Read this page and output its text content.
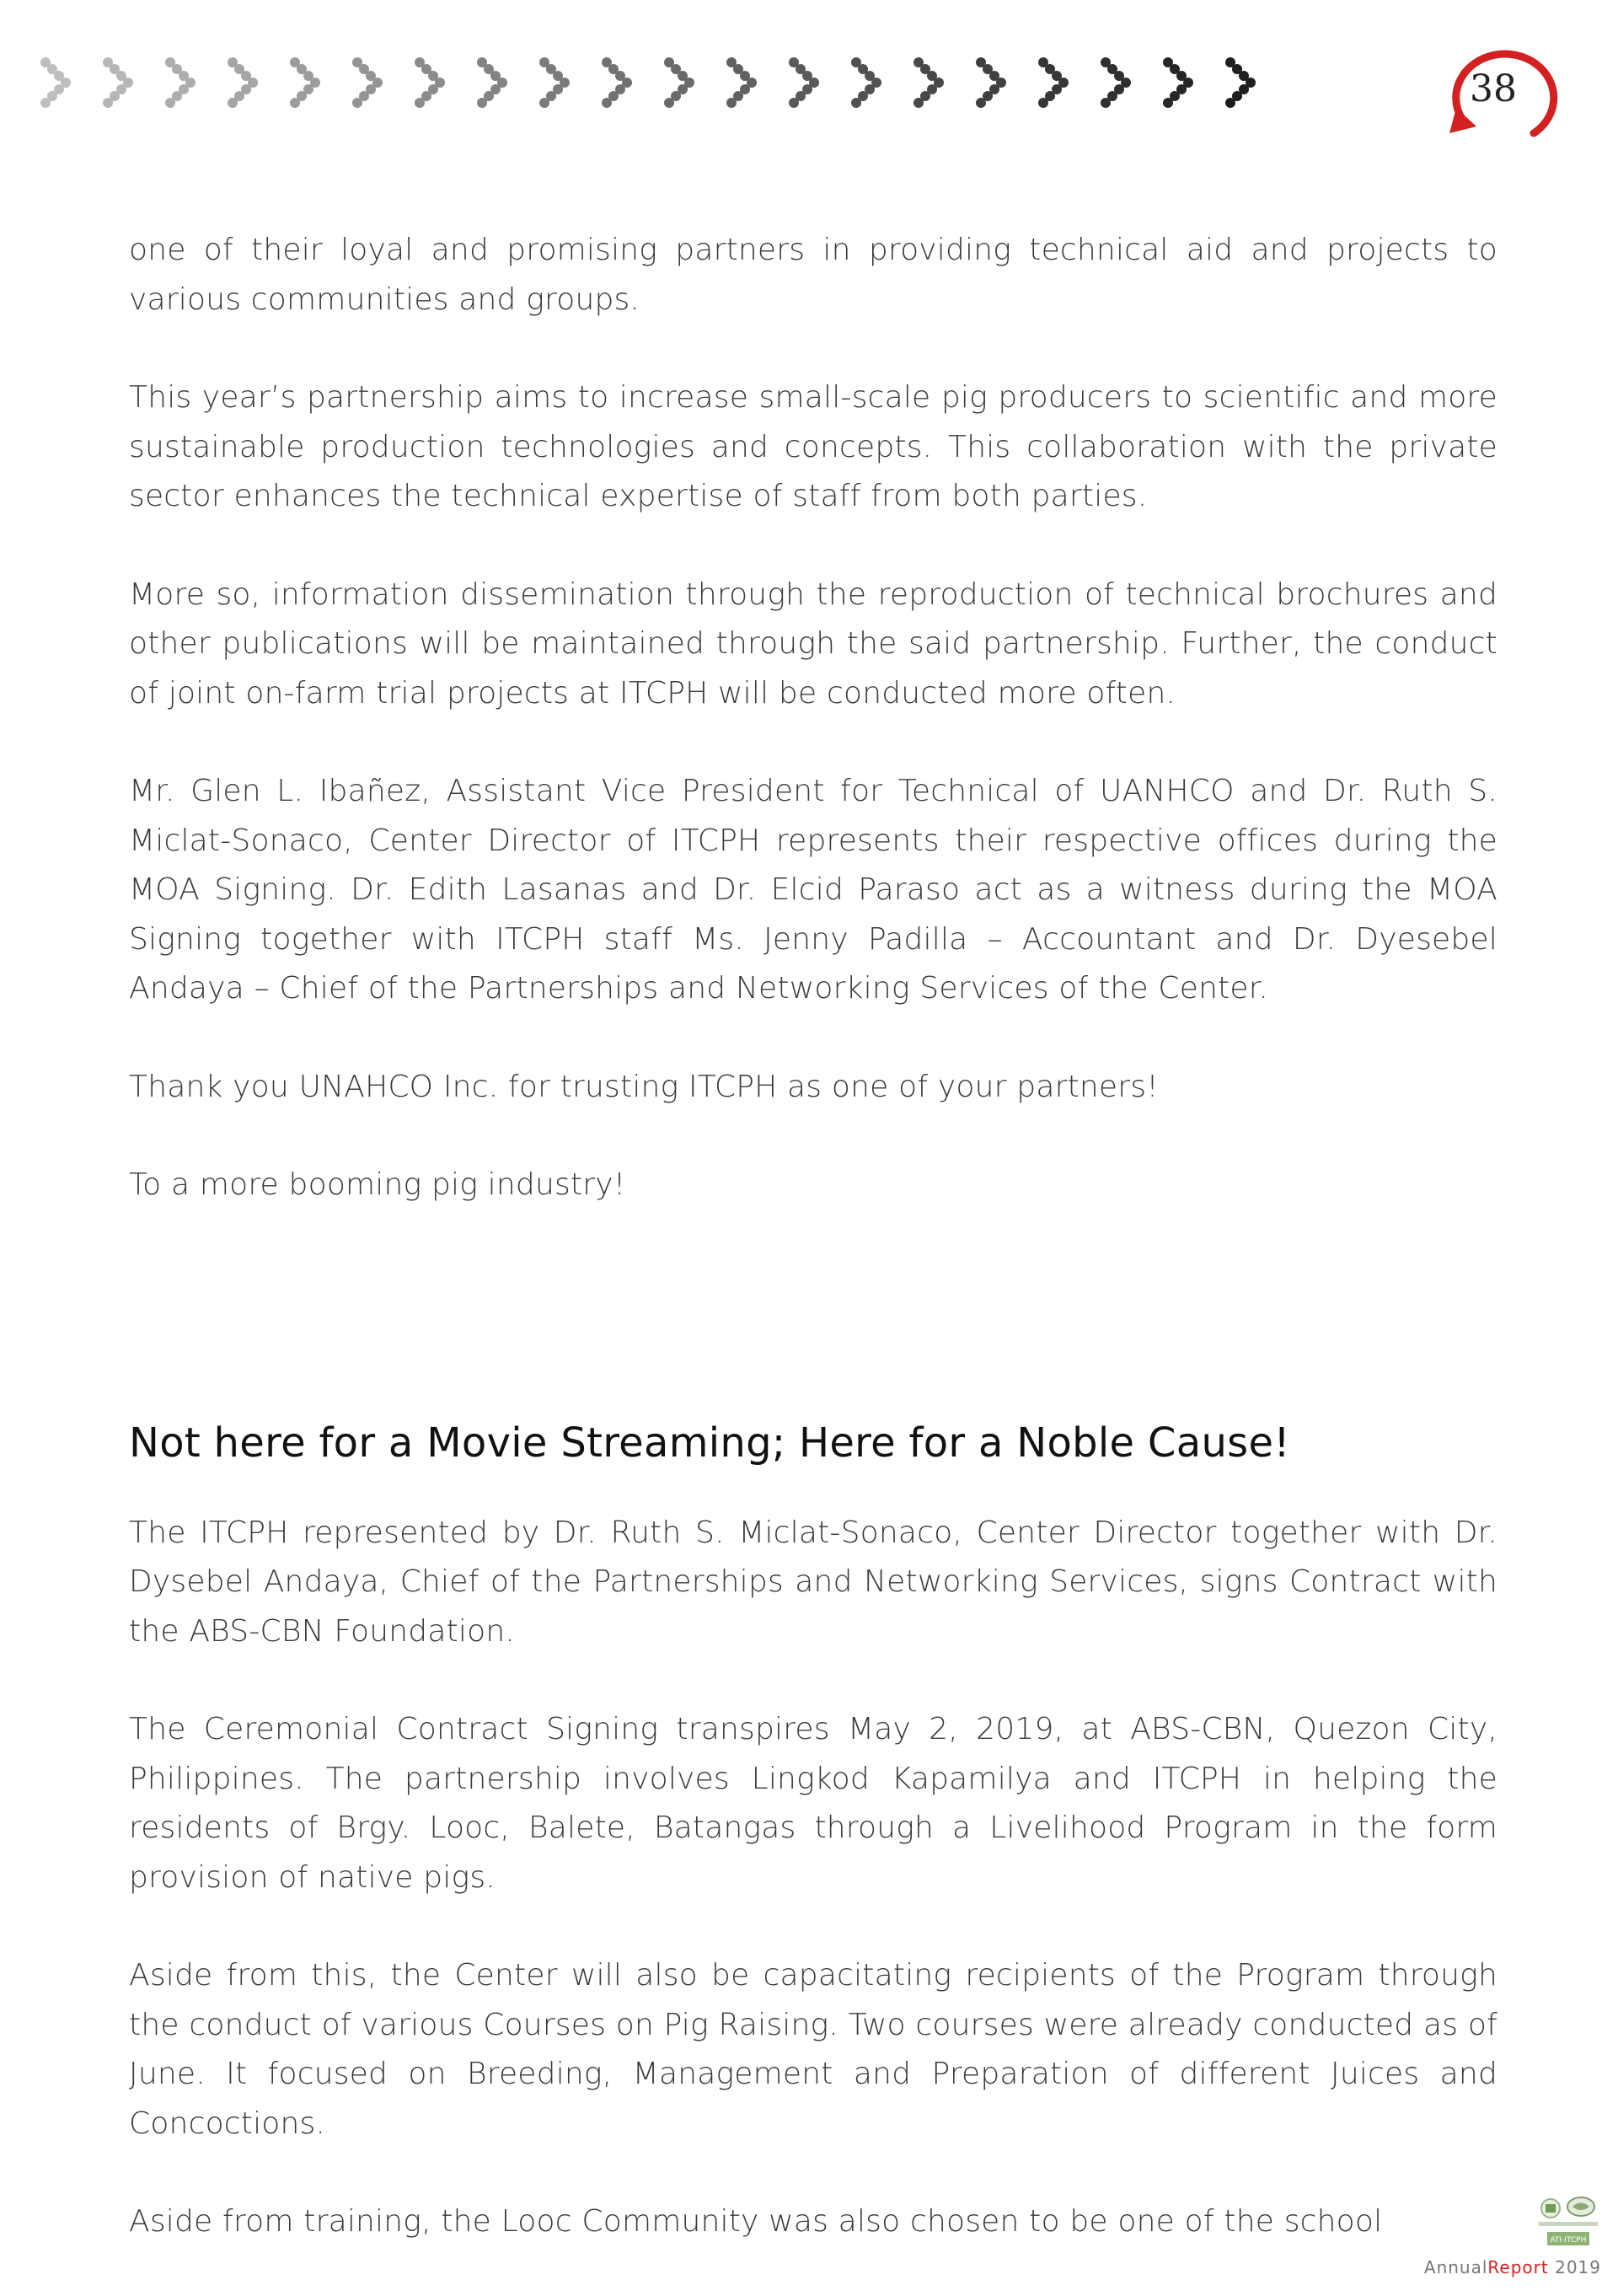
38

one of their loyal and promising partners in providing technical aid and projects to various communities and groups.

This year’s partnership aims to increase small-scale pig producers to scientific and more sustainable production technologies and concepts. This collaboration with the private sector enhances the technical expertise of staff from both parties.

More so, information dissemination through the reproduction of technical brochures and other publications will be maintained through the said partnership. Further, the conduct of joint on-farm trial projects at ITCPH will be conducted more often.

Mr. Glen L. Ibañez, Assistant Vice President for Technical of UANHCO and Dr. Ruth S. Miclat-Sonaco, Center Director of ITCPH represents their respective offices during the MOA Signing. Dr. Edith Lasanas and Dr. Elcid Paraso act as a witness during the MOA Signing together with ITCPH staff Ms. Jenny Padilla – Accountant and Dr. Dyesebel Andaya – Chief of the Partnerships and Networking Services of the Center.

Thank you UNAHCO Inc. for trusting ITCPH as one of your partners!

To a more booming pig industry!

Not here for a Movie Streaming; Here for a Noble Cause!

The ITCPH represented by Dr. Ruth S. Miclat-Sonaco, Center Director together with Dr. Dysebel Andaya, Chief of the Partnerships and Networking Services, signs Contract with the ABS-CBN Foundation.

The Ceremonial Contract Signing transpires May 2, 2019, at ABS-CBN, Quezon City, Philippines. The partnership involves Lingkod Kapamilya and ITCPH in helping the residents of Brgy. Looc, Balete, Batangas through a Livelihood Program in the form provision of native pigs.

Aside from this, the Center will also be capacitating recipients of the Program through the conduct of various Courses on Pig Raising. Two courses were already conducted as of June. It focused on Breeding, Management and Preparation of different Juices and Concoctions.

Aside from training, the Looc Community was also chosen to be one of the school

ATI-ITCPH
AnnualReport 2019
